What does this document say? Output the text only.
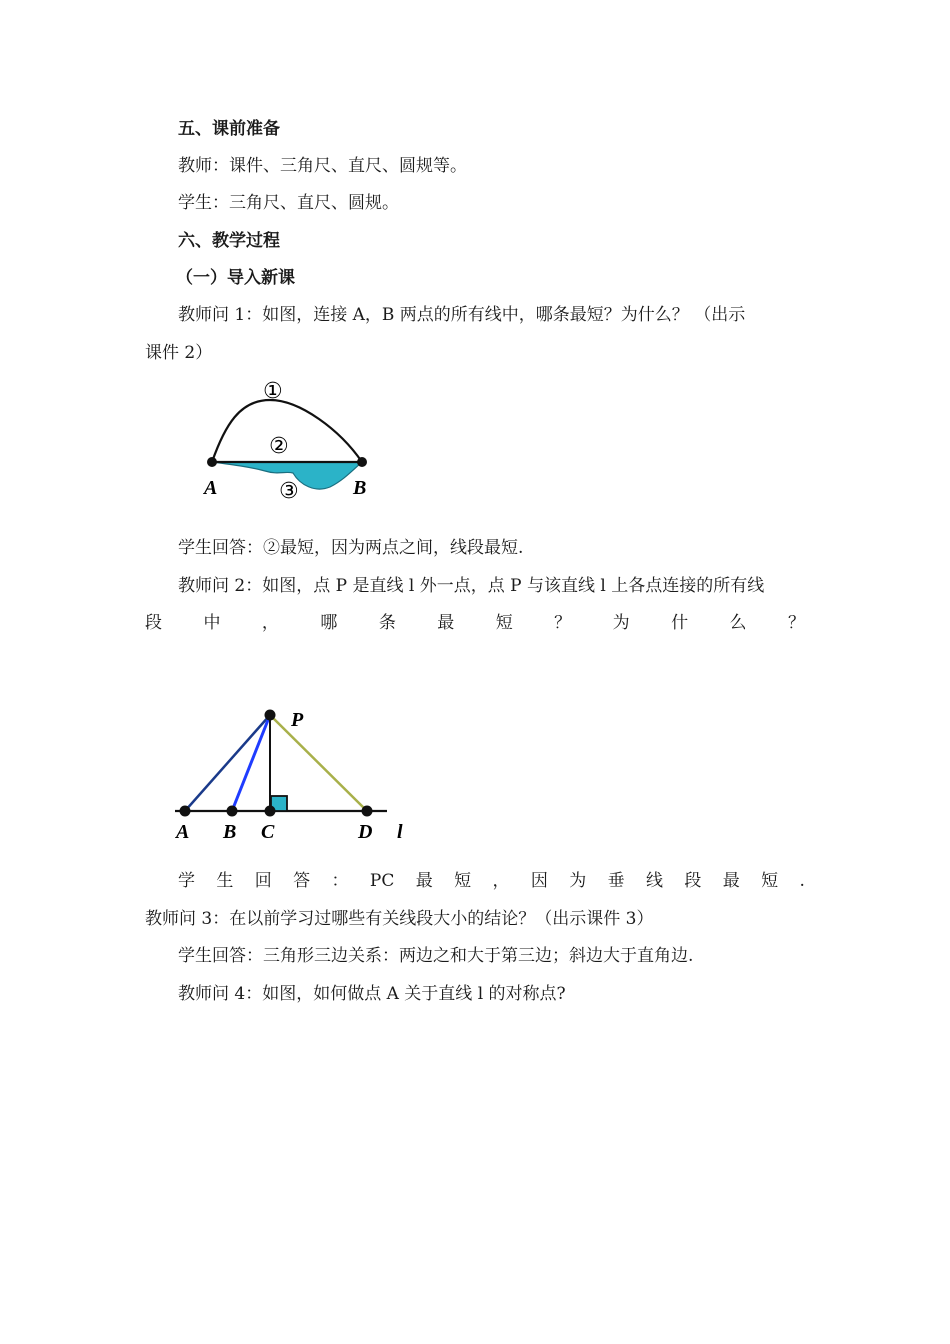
五、课前准备
教师：课件、三角尺、直尺、圆规等。
学生：三角尺、直尺、圆规。
六、教学过程
（一）导入新课
教师问 1：如图，连接 A，B 两点的所有线中，哪条最短？为什么？ （出示
课件 2）
A	B
①
②
③
学生回答：②最短，因为两点之间，线段最短.
教师问 2：如图，点 P 是直线 l 外一点，点 P 与该直线 l 上各点连接的所有线
段 中 ， 哪 条 最 短 ？ 为 什 么 ？
P
A B C	D l
学 生 回 答 ： PC 最 短 ， 因 为 垂 线 段 最 短 .
教师问 3：在以前学习过哪些有关线段大小的结论？（出示课件 3）
学生回答：三角形三边关系：两边之和大于第三边；斜边大于直角边.
教师问 4：如图，如何做点 A 关于直线 l 的对称点?
